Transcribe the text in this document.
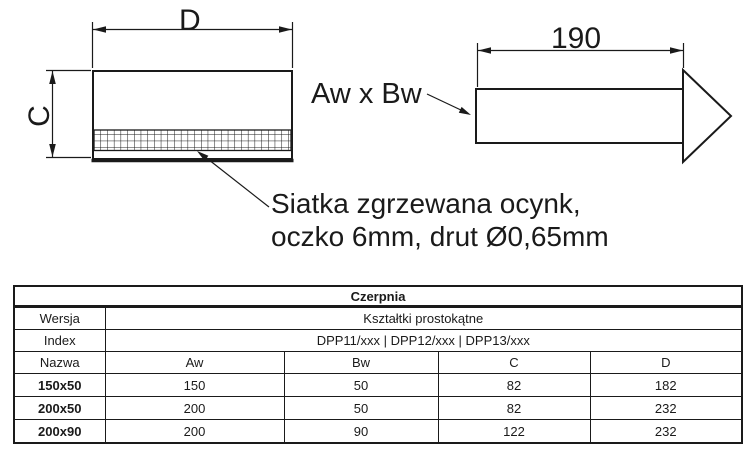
D
C
190
Aw x Bw
Siatka zgrzewana ocynk,
oczko 6mm, drut Ø0,65mm
Czerpnia				
Wersja	Kształtki prostokątne			
Index	DPP11/xxx | DPP12/xxx | DPP13/xxx			
Nazwa	Aw	Bw	C	D
150x50	150	50	82	182
200x50	200	50	82	232
200x90	200	90	122	232
